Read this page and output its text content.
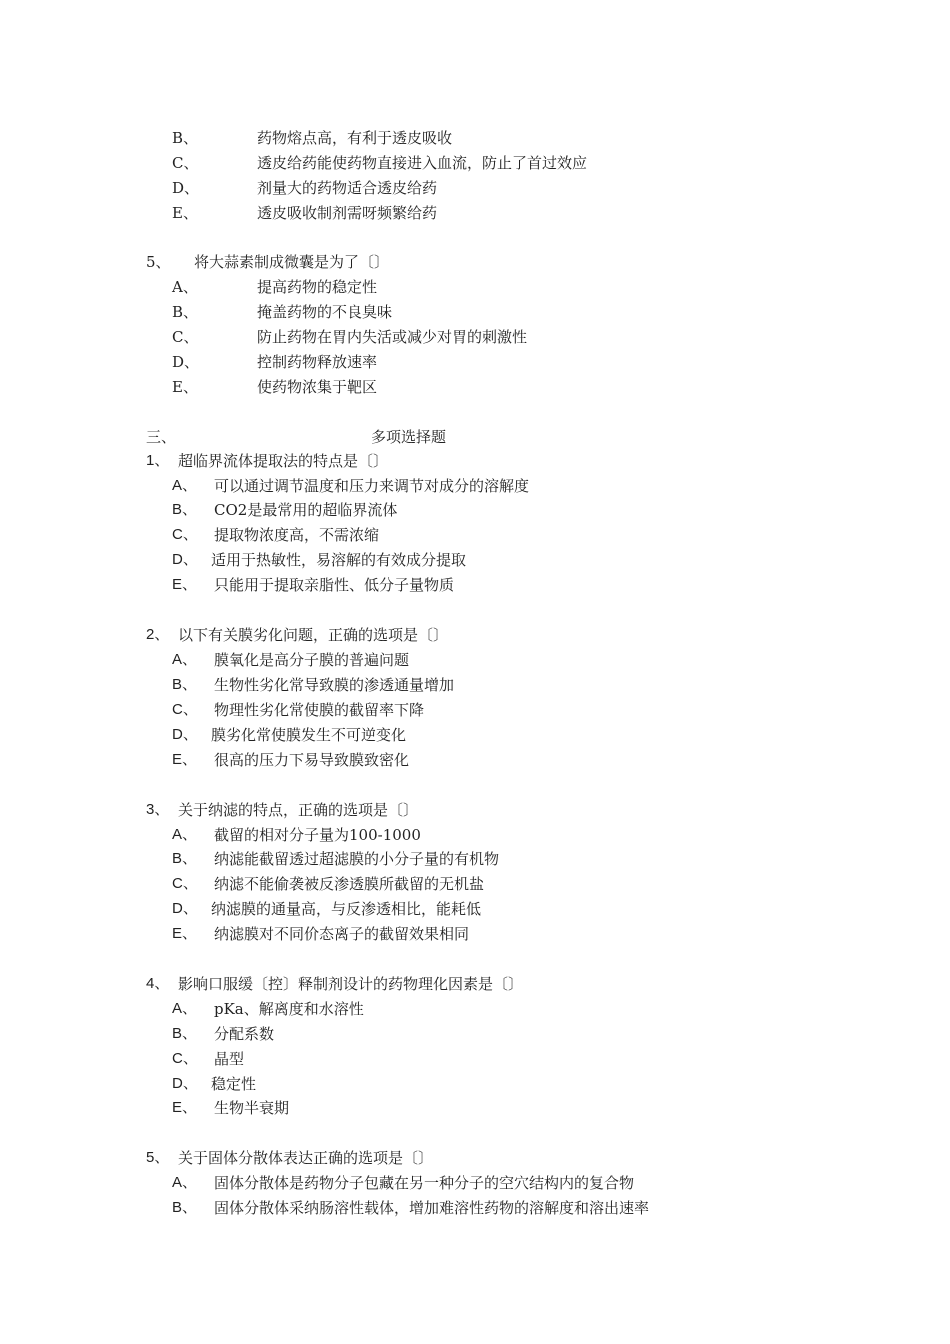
B、	药物熔点高，有利于透皮吸收
C、	透皮给药能使药物直接进入血流，防止了首过效应
D、	剂量大的药物适合透皮给药
E、	透皮吸收制剂需呀频繁给药
5、 将大蒜素制成微囊是为了〔〕
A、	提高药物的稳定性
B、	掩盖药物的不良臭味
C、	防止药物在胃内失活或减少对胃的刺激性
D、	控制药物释放速率
E、	使药物浓集于靶区
三、	多项选择题
1、 超临界流体提取法的特点是〔〕
A、 可以通过调节温度和压力来调节对成分的溶解度
B、 CO2是最常用的超临界流体
C、 提取物浓度高，不需浓缩
D、 适用于热敏性，易溶解的有效成分提取
E、 只能用于提取亲脂性、低分子量物质
2、 以下有关膜劣化问题，正确的选项是〔〕
A、 膜氧化是高分子膜的普遍问题
B、 生物性劣化常导致膜的渗透通量增加
C、 物理性劣化常使膜的截留率下降
D、 膜劣化常使膜发生不可逆变化
E、 很高的压力下易导致膜致密化
3、 关于纳滤的特点，正确的选项是〔〕
A、 截留的相对分子量为100-1000
B、 纳滤能截留透过超滤膜的小分子量的有机物
C、 纳滤不能偷袭被反渗透膜所截留的无机盐
D、 纳滤膜的通量高，与反渗透相比，能耗低
E、 纳滤膜对不同价态离子的截留效果相同
4、 影响口服缓〔控〕释制剂设计的药物理化因素是〔〕
A、 pKa、解离度和水溶性
B、 分配系数
C、 晶型
D、 稳定性
E、 生物半衰期
5、 关于固体分散体表达正确的选项是〔〕
A、 固体分散体是药物分子包藏在另一种分子的空穴结构内的复合物
B、 固体分散体采纳肠溶性载体，增加难溶性药物的溶解度和溶出速率
